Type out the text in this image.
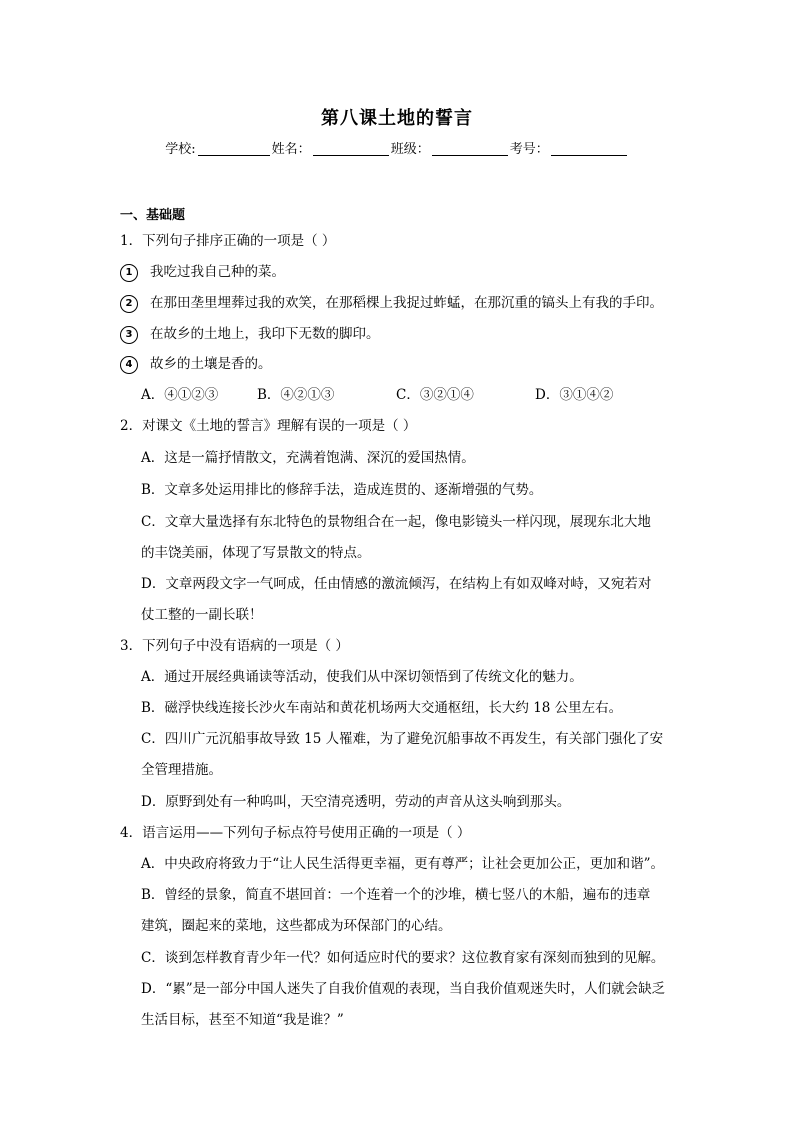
第八课土地的誓言
学校:	姓名：	班级：	考号：
一、基础题
1．下列句子排序正确的一项是（ ）
1 我吃过我自己种的菜。
2 在那田垄里埋葬过我的欢笑，在那稻棵上我捉过蚱蜢，在那沉重的镐头上有我的手印。
3 在故乡的土地上，我印下无数的脚印。
4 故乡的土壤是香的。
A．④①②③	B．④②①③	C．③②①④	D．③①④②
2．对课文《土地的誓言》理解有误的一项是（ ）
A．这是一篇抒情散文，充满着饱满、深沉的爱国热情。
B．文章多处运用排比的修辞手法，造成连贯的、逐渐增强的气势。
C．文章大量选择有东北特色的景物组合在一起，像电影镜头一样闪现，展现东北大地
的丰饶美丽，体现了写景散文的特点。
D．文章两段文字一气呵成，任由情感的激流倾泻，在结构上有如双峰对峙，又宛若对
仗工整的一副长联！
3．下列句子中没有语病的一项是（ ）
A．通过开展经典诵读等活动，使我们从中深切领悟到了传统文化的魅力。
B．磁浮快线连接长沙火车南站和黄花机场两大交通枢纽，长大约 18 公里左右。
C．四川广元沉船事故导致 15 人罹难，为了避免沉船事故不再发生，有关部门强化了安
全管理措施。
D．原野到处有一种呜叫，天空清亮透明，劳动的声音从这头响到那头。
4．语言运用——下列句子标点符号使用正确的一项是（ ）
A．中央政府将致力于“让人民生活得更幸福，更有尊严；让社会更加公正，更加和谐”。
B．曾经的景象，简直不堪回首：一个连着一个的沙堆，横七竖八的木船，遍布的违章
建筑，圈起来的菜地，这些都成为环保部门的心结。
C．谈到怎样教育青少年一代？如何适应时代的要求？这位教育家有深刻而独到的见解。
D．“累”是一部分中国人迷失了自我价值观的表现，当自我价值观迷失时，人们就会缺乏
生活目标，甚至不知道“我是谁？”
